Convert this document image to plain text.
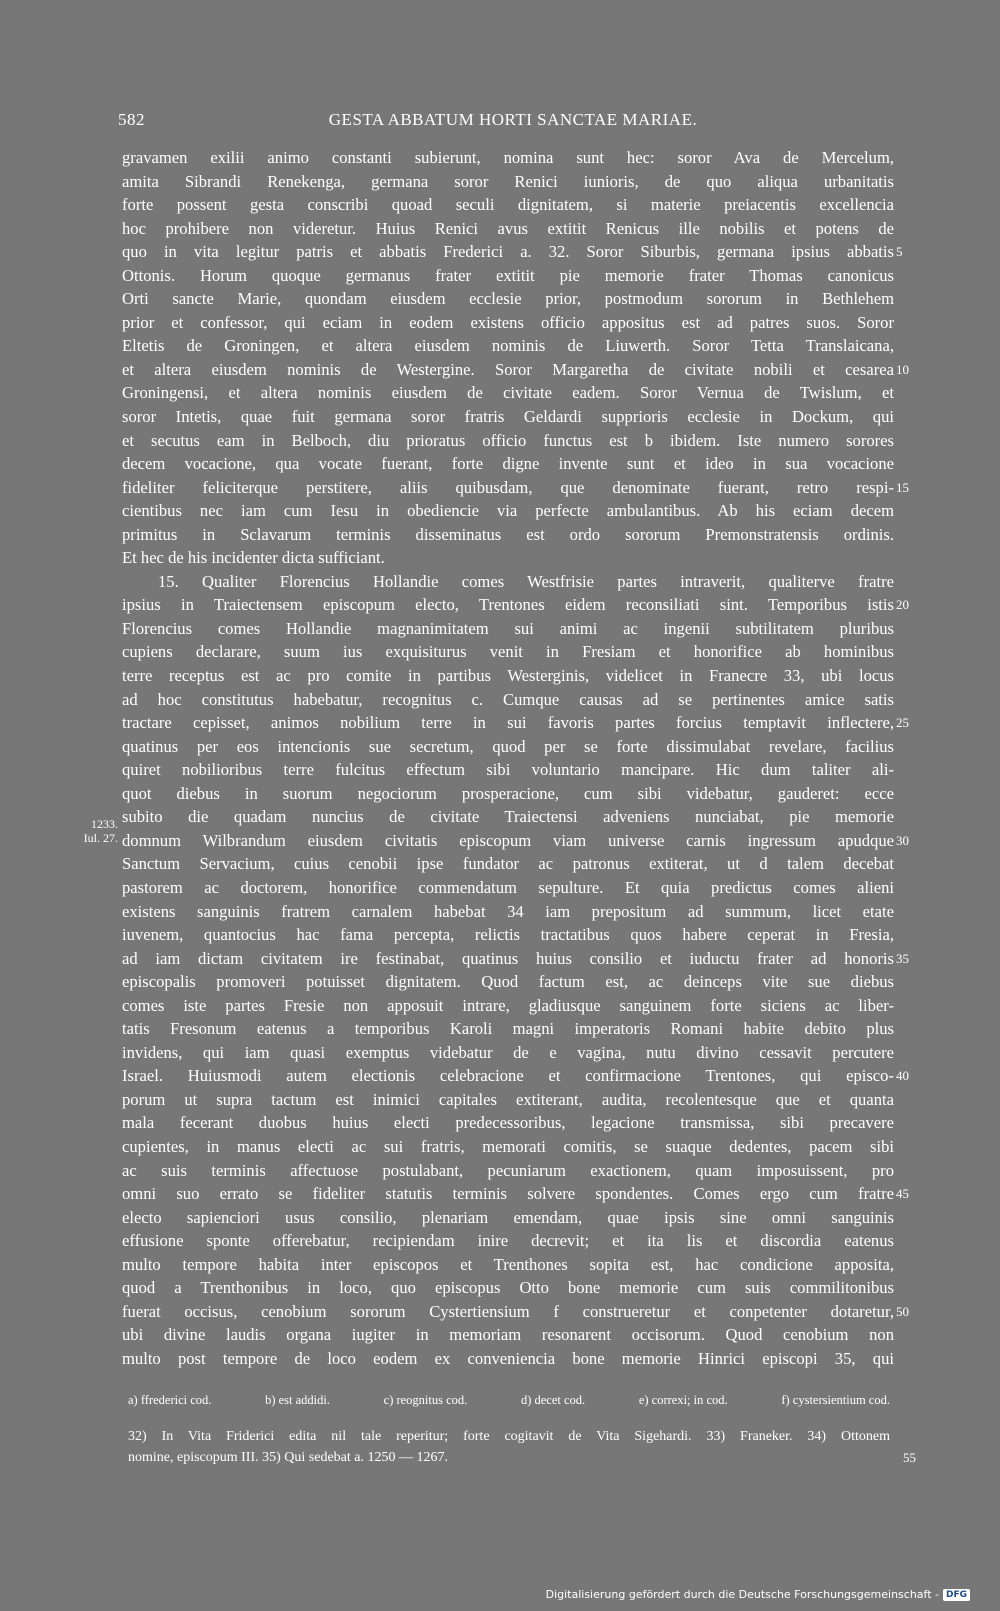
582	GESTA ABBATUM HORTI SANCTAE MARIAE.
gravamen exilii animo constanti subierunt, nomina sunt hec: soror Ava de Mercelum,
amita Sibrandi Renekenga, germana soror Renici iunioris, de quo aliqua urbanitatis
forte possent gesta conscribi quoad seculi dignitatem, si materie preiacentis excellencia
hoc prohibere non videretur. Huius Renici avus extitit Renicus ille nobilis et potens de
quo in vita legitur patris et abbatis Frederici a. 32. Soror Siburbis, germana ipsius abbatis 5
Ottonis. Horum quoque germanus frater extitit pie memorie frater Thomas canonicus
Orti sancte Marie, quondam eiusdem ecclesie prior, postmodum sororum in Bethlehem
prior et confessor, qui eciam in eodem existens officio appositus est ad patres suos. Soror
Eltetis de Groningen, et altera eiusdem nominis de Liuwerth. Soror Tetta Translaicana,
et altera eiusdem nominis de Westergine. Soror Margaretha de civitate nobili et cesarea 10
Groningensi, et altera nominis eiusdem de civitate eadem. Soror Vernua de Twislum, et
soror Intetis, quae fuit germana soror fratris Geldardi supprioris ecclesie in Dockum, qui
et secutus eam in Belboch, diu prioratus officio functus est b ibidem. Iste numero sorores
decem vocacione, qua vocate fuerant, forte digne invente sunt et ideo in sua vocacione
fideliter feliciterque perstitere, aliis quibusdam, que denominate fuerant, retro respi- 15
cientibus nec iam cum Iesu in obediencie via perfecte ambulantibus. Ab his eciam decem
primitus in Sclavarum terminis disseminatus est ordo sororum Premonstratensis ordinis.
Et hec de his incidenter dicta sufficiant.
15. Qualiter Florencius Hollandie comes Westfrisie partes intraverit, qualiterve fratre
ipsius in Traiectensem episcopum electo, Trentones eidem reconsiliati sint. Temporibus istis 20
Florencius comes Hollandie magnanimitatem sui animi ac ingenii subtilitatem pluribus
cupiens declarare, suum ius exquisiturus venit in Fresiam et honorifice ab hominibus
terre receptus est ac pro comite in partibus Westerginis, videlicet in Franecre 33, ubi locus
ad hoc constitutus habebatur, recognitus c. Cumque causas ad se pertinentes amice satis
tractare cepisset, animos nobilium terre in sui favoris partes forcius temptavit inflectere, 25
quatinus per eos intencionis sue secretum, quod per se forte dissimulabat revelare, facilius
quiret nobilioribus terre fulcitus effectum sibi voluntario mancipare. Hic dum taliter ali-
quot diebus in suorum negociorum prosperacione, cum sibi videbatur, gauderet: ecce
subito die quadam nuncius de civitate Traiectensi adveniens nunciabat, pie memorie
domnum Wilbrandum eiusdem civitatis episcopum viam universe carnis ingressum apudque 30
Sanctum Servacium, cuius cenobii ipse fundator ac patronus extiterat, ut d talem decebat
pastorem ac doctorem, honorifice commendatum sepulture. Et quia predictus comes alieni
existens sanguinis fratrem carnalem habebat 34 iam prepositum ad summum, licet etate
iuvenem, quantocius hac fama percepta, relictis tractatibus quos habere ceperat in Fresia,
ad iam dictam civitatem ire festinabat, quatinus huius consilio et iuductu frater ad honoris 35
episcopalis promoveri potuisset dignitatem. Quod factum est, ac deinceps vite sue diebus
comes iste partes Fresie non apposuit intrare, gladiusque sanguinem forte siciens ac liber-
tatis Fresonum eatenus a temporibus Karoli magni imperatoris Romani habite debito plus
invidens, qui iam quasi exemptus videbatur de e vagina, nutu divino cessavit percutere
Israel. Huiusmodi autem electionis celebracione et confirmacione Trentones, qui episco- 40
porum ut supra tactum est inimici capitales extiterant, audita, recolentesque que et quanta
mala fecerant duobus huius electi predecessoribus, legacione transmissa, sibi precavere
cupientes, in manus electi ac sui fratris, memorati comitis, se suaque dedentes, pacem sibi
ac suis terminis affectuose postulabant, pecuniarum exactionem, quam imposuissent, pro
omni suo errato se fideliter statutis terminis solvere spondentes. Comes ergo cum fratre 45
electo sapienciori usus consilio, plenariam emendam, quae ipsis sine omni sanguinis
effusione sponte offerebatur, recipiendam inire decrevit; et ita lis et discordia eatenus
multo tempore habita inter episcopos et Trenthones sopita est, hac condicione apposita,
quod a Trenthonibus in loco, quo episcopus Otto bone memorie cum suis commilitonibus
fuerat occisus, cenobium sororum Cystertiensium f construeretur et conpetenter dotaretur, 50
ubi divine laudis organa iugiter in memoriam resonarent occisorum. Quod cenobium non
multo post tempore de loco eodem ex conveniencia bone memorie Hinrici episcopi 35, qui
1233.
Iul. 27.
a) ffrederici cod.	b) est addidi.	c) reognitus cod.	d) decet cod.	e) correxi; in cod.	f) cystersientium cod.
32) In Vita Friderici edita nil tale reperitur; forte cogitavit de Vita Sigehardi. 33) Franeker. 34) Ottonem
nomine, episcopum III. 35) Qui sedebat a. 1250 — 1267.	55
Digitalisierung gefördert durch die Deutsche Forschungsgemeinschaft - DFG
